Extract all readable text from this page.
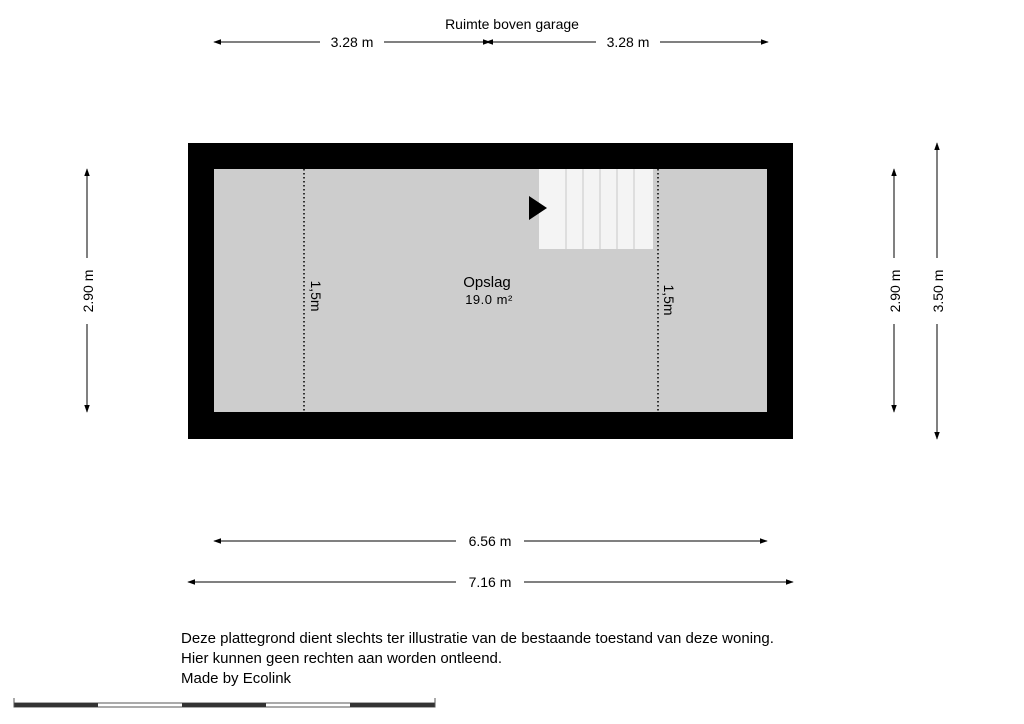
Ruimte boven garage
3.28 m	3.28 m
1,5m	1,5m
Opslag
19.0 m²
2.90 m	2.90 m 3.50 m
6.56 m
7.16 m
Deze plattegrond dient slechts ter illustratie van de bestaande toestand van deze woning.
Hier kunnen geen rechten aan worden ontleend.
Made by Ecolink
